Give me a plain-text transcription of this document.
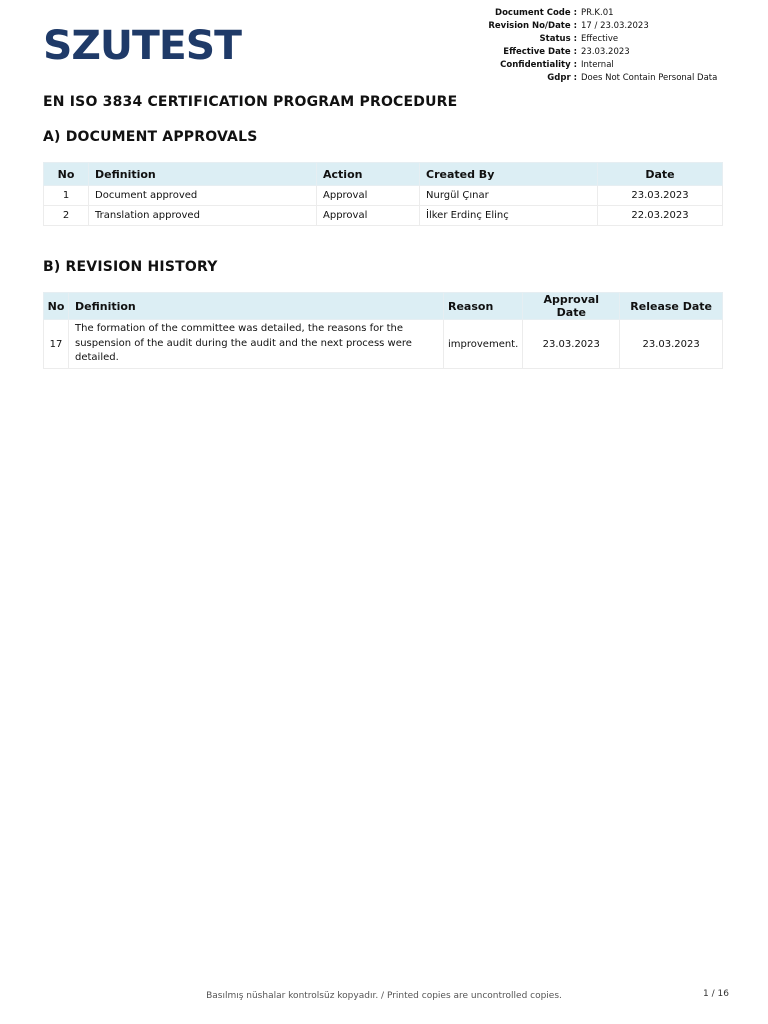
SZUTEST
Document Code : PR.K.01
Revision No/Date : 17 / 23.03.2023
Status : Effective
Effective Date : 23.03.2023
Confidentiality : Internal
Gdpr : Does Not Contain Personal Data
EN ISO 3834 CERTIFICATION PROGRAM PROCEDURE
A) DOCUMENT APPROVALS
No	Definition	Action	Created By	Date
1	Document approved	Approval	Nurgül Çınar	23.03.2023
2	Translation approved	Approval	İlker Erdinç Elinç	22.03.2023
B) REVISION HISTORY
No	Definition	Reason	Approval Date	Release Date
17	The formation of the committee was detailed, the reasons for the suspension of the audit during the audit and the next process were detailed.	improvement.	23.03.2023	23.03.2023
Basılmış nüshalar kontrolsüz kopyadır. / Printed copies are uncontrolled copies.	1 / 16
